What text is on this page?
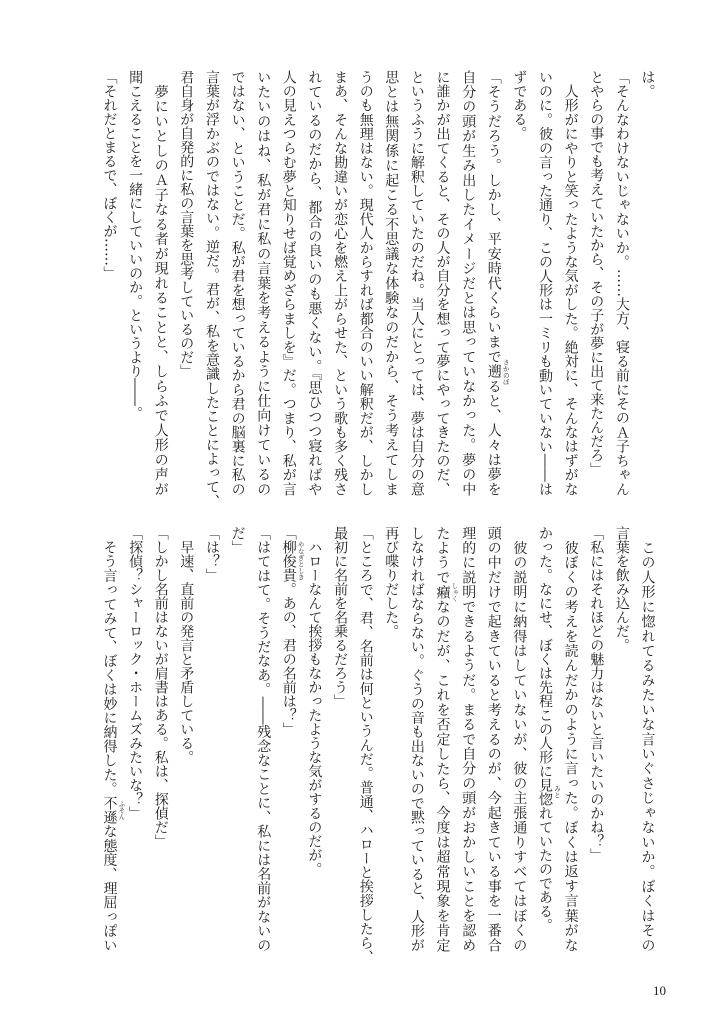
は。
「そんなわけないじゃないか。……大方、寝る前にそのＡ子ちゃん
とやらの事でも考えていたから、その子が夢に出て来たんだろ」
　人形がにやりと笑ったような気がした。絶対に、そんなはずがな
いのに。彼の言った通り、この人形は一ミリも動いていない――は
ずである。
「そうだろう。しかし、平安時代くらいまで遡 さかのぼ
ると、人々は夢を
自分の頭が生み出したイメージだとは思っていなかった。夢の中
に誰かが出てくると、その人が自分を想って夢にやってきたのだ、
というふうに解釈していたのだね。当人にとっては、夢は自分の意
思とは無関係に起こる不思議な体験なのだから、そう考えてしま
うのも無理はない。現代人からすれば都合のいい解釈だが、しかし
まあ、そんな勘違いが恋心を燃え上がらせた、という歌も多く残さ
れているのだから、都合の良いのも悪くない。『思ひつつ寝ればや
人の見えつらむ夢と知りせば覚めざらましを』だ。つまり、私が言
いたいのはね、私が君に私の言葉を考えるように仕向けているの
ではない、ということだ。私が君を想っているから君の脳裏に私の
言葉が浮かぶのではない。逆だ。君が、私を意識したことによって、
君自身が自発的に私の言葉を思考しているのだ」
　夢にいとしのＡ子なる者が現れることと、しらふで人形の声が
聞こえることを一緒にしていいのか。というより――。
「それだとまるで、ぼくが……」
　この人形に惚れてるみたいな言いぐさじゃないか。ぼくはその
言葉を飲み込んだ。
「私にはそれほどの魅力はないと言いたいのかね？」
　彼ぼくの考えを読んだかのように言った。ぼくは返す言葉がな
かった。なにせ、ぼくは先程この人形に見惚 みと
れていたのである。
　彼の説明に納得はしていないが、彼の主張通りすべてはぼくの
頭の中だけで起きていると考えるのが、今起きている事を一番合
理的に説明できるようだ。まるで自分の頭がおかしいことを認め
たようで癪 しゃく
なのだが、これを否定したら、今度は超常現象を肯定
しなければならない。ぐうの音も出ないので黙っていると、人形が
再び喋りだした。
「ところで、君、名前は何というんだ。普通、ハローと挨拶したら、
最初に名前を名乗るだろう」
　ハローなんて挨拶もなかったような気がするのだが。
「柳俊貴 やなぎとしき
。あの、君の名前は？」
「はてはて。そうだなあ。――残念なことに、私には名前がないの
だ」
「は？」
　早速、直前の発言と矛盾している。
「しかし名前はないが肩書はある。私は、探偵だ」
「探偵？シャーロック・ホームズみたいな？」
　そう言ってみて、ぼくは妙に納得した。不遜 ふそん
な態度、理屈っぽい
10
